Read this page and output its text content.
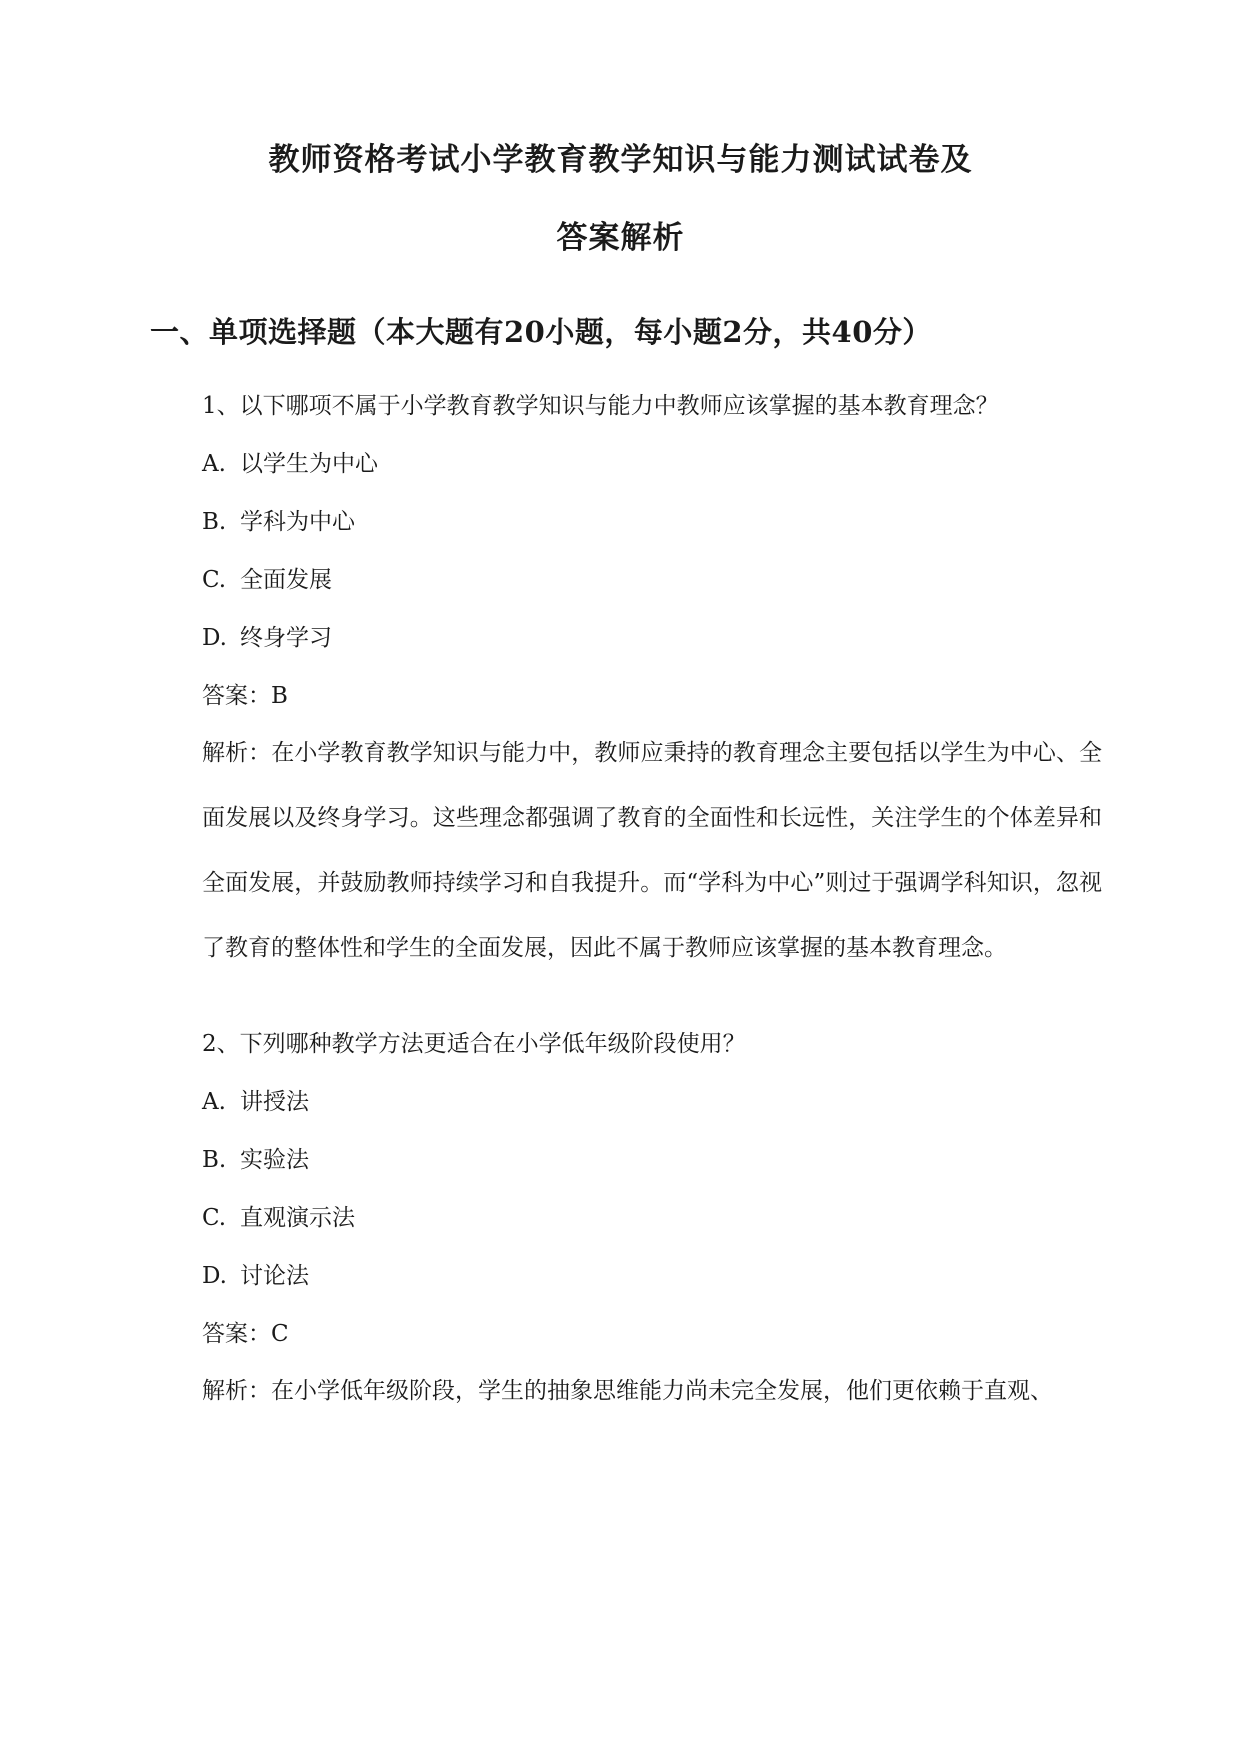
教师资格考试小学教育教学知识与能力测试试卷及
答案解析
一、单项选择题（本大题有20小题，每小题2分，共40分）
1、以下哪项不属于小学教育教学知识与能力中教师应该掌握的基本教育理念？
A. 以学生为中心
B. 学科为中心
C. 全面发展
D. 终身学习
答案：B
解析：在小学教育教学知识与能力中，教师应秉持的教育理念主要包括以学生为中心、全面发展以及终身学习。这些理念都强调了教育的全面性和长远性，关注学生的个体差异和全面发展，并鼓励教师持续学习和自我提升。而“学科为中心”则过于强调学科知识，忽视了教育的整体性和学生的全面发展，因此不属于教师应该掌握的基本教育理念。
2、下列哪种教学方法更适合在小学低年级阶段使用？
A. 讲授法
B. 实验法
C. 直观演示法
D. 讨论法
答案：C
解析：在小学低年级阶段，学生的抽象思维能力尚未完全发展，他们更依赖于直观、
